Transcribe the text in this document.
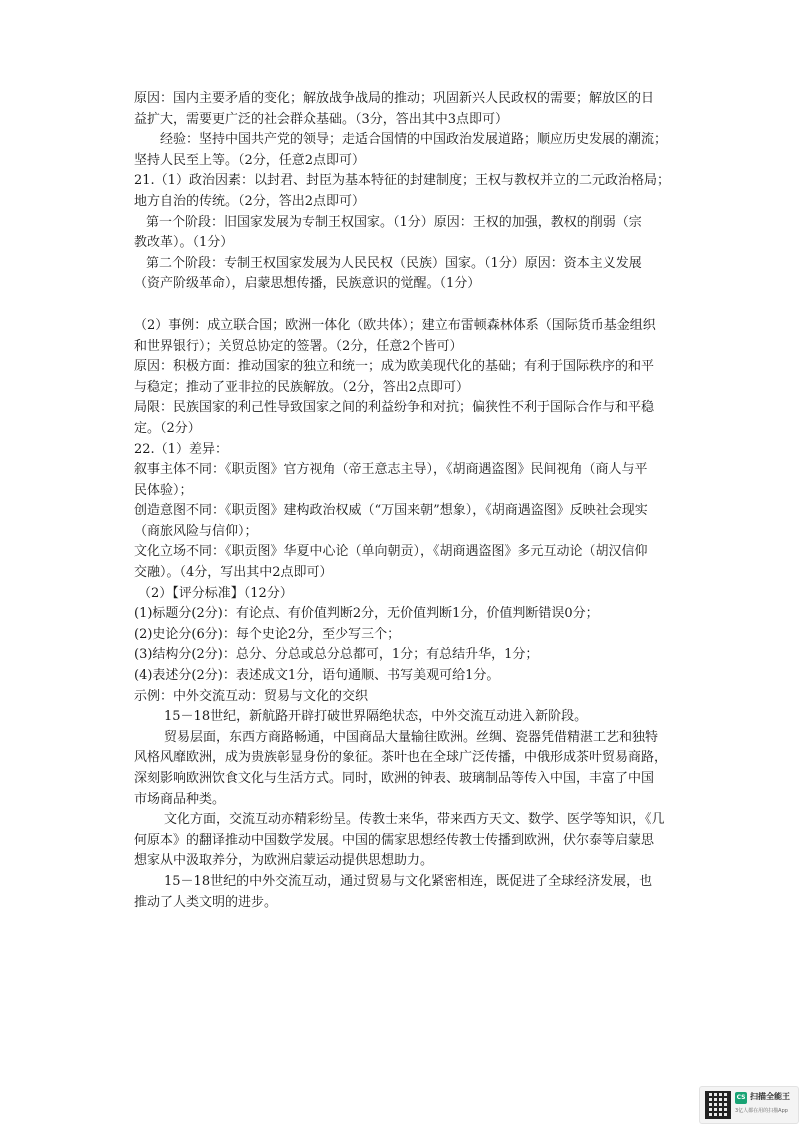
原因：国内主要矛盾的变化；解放战争战局的推动；巩固新兴人民政权的需要；解放区的日
益扩大，需要更广泛的社会群众基础。（3分，答出其中3点即可）
经验：坚持中国共产党的领导；走适合国情的中国政治发展道路；顺应历史发展的潮流；
坚持人民至上等。（2分，任意2点即可）
21.（1）政治因素：以封君、封臣为基本特征的封建制度；王权与教权并立的二元政治格局；
地方自治的传统。（2分，答出2点即可）
第一个阶段：旧国家发展为专制王权国家。（1分）原因：王权的加强，教权的削弱（宗
教改革）。（1分）
第二个阶段：专制王权国家发展为人民民权（民族）国家。（1分）原因：资本主义发展
（资产阶级革命），启蒙思想传播，民族意识的觉醒。（1分）
（2）事例：成立联合国；欧洲一体化（欧共体）；建立布雷顿森林体系（国际货币基金组织
和世界银行）；关贸总协定的签署。（2分，任意2个皆可）
原因：积极方面：推动国家的独立和统一；成为欧美现代化的基础；有利于国际秩序的和平
与稳定；推动了亚非拉的民族解放。（2分，答出2点即可）
局限：民族国家的利己性导致国家之间的利益纷争和对抗；偏狭性不利于国际合作与和平稳
定。（2分）
22.（1）差异：
叙事主体不同：《职贡图》官方视角（帝王意志主导），《胡商遇盗图》民间视角（商人与平
民体验）；
创造意图不同：《职贡图》建构政治权威（“万国来朝”想象），《胡商遇盗图》反映社会现实
（商旅风险与信仰）；
文化立场不同：《职贡图》华夏中心论（单向朝贡），《胡商遇盗图》多元互动论（胡汉信仰
交融）。（4分，写出其中2点即可）
（2）【评分标准】（12分）
(1)标题分(2分)：有论点、有价值判断2分，无价值判断1分，价值判断错误0分；
(2)史论分(6分)：每个史论2分，至少写三个；
(3)结构分(2分)：总分、分总或总分总都可，1分；有总结升华，1分；
(4)表述分(2分)：表述成文1分，语句通顺、书写美观可给1分。
示例：中外交流互动：贸易与文化的交织
15－18世纪，新航路开辟打破世界隔绝状态，中外交流互动进入新阶段。
贸易层面，东西方商路畅通，中国商品大量输往欧洲。丝绸、瓷器凭借精湛工艺和独特
风格风靡欧洲，成为贵族彰显身份的象征。茶叶也在全球广泛传播，中俄形成茶叶贸易商路，
深刻影响欧洲饮食文化与生活方式。同时，欧洲的钟表、玻璃制品等传入中国，丰富了中国
市场商品种类。
文化方面，交流互动亦精彩纷呈。传教士来华，带来西方天文、数学、医学等知识，《几
何原本》的翻译推动中国数学发展。中国的儒家思想经传教士传播到欧洲，伏尔泰等启蒙思
想家从中汲取养分，为欧洲启蒙运动提供思想助力。
15－18世纪的中外交流互动，通过贸易与文化紧密相连，既促进了全球经济发展，也
推动了人类文明的进步。
CS 扫描全能王
3亿人都在用的扫描App
